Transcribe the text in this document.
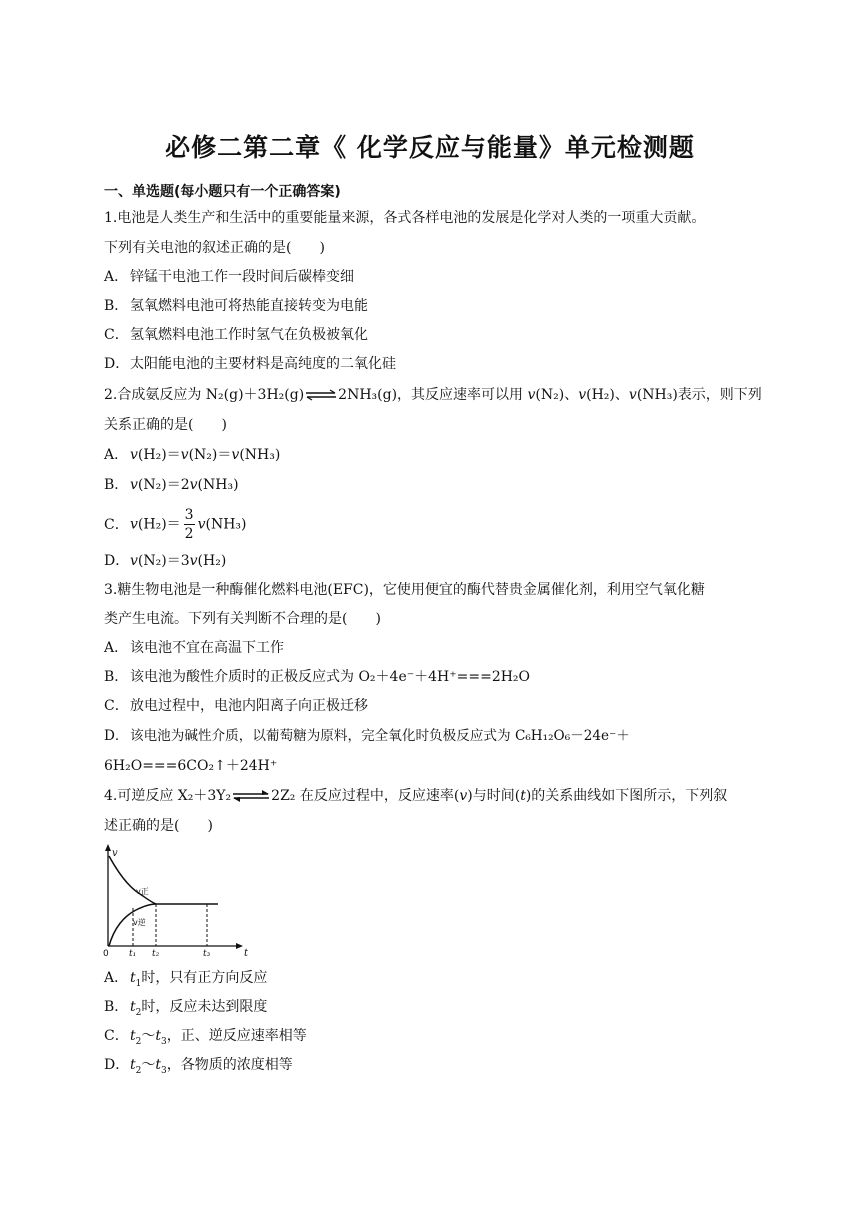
必修二第二章《 化学反应与能量》单元检测题
一、单选题(每小题只有一个正确答案)
1.电池是人类生产和生活中的重要能量来源，各式各样电池的发展是化学对人类的一项重大贡献。
下列有关电池的叙述正确的是(　　)
A． 锌锰干电池工作一段时间后碳棒变细
B． 氢氧燃料电池可将热能直接转变为电能
C．氢氧燃料电池工作时氢气在负极被氧化
D．太阳能电池的主要材料是高纯度的二氧化硅
2.合成氨反应为 N₂(g)＋3H₂(g)⇌2NH₃(g)，其反应速率可以用 v(N₂)、v(H₂)、v(NH₃)表示，则下列
关系正确的是(　　)
A． v(H₂)＝v(N₂)＝v(NH₃)
B． v(N₂)＝2v(NH₃)
C．$v(H_2)= \frac{3}{2} v(NH_3)$
D．v(N₂)＝3v(H₂)
3.糖生物电池是一种酶催化燃料电池(EFC)，它使用便宜的酶代替贵金属催化剂，利用空气氧化糖
类产生电流。下列有关判断不合理的是(　　)
A． 该电池不宜在高温下工作
B． 该电池为酸性介质时的正极反应式为 O₂＋4e⁻＋4H⁺===2H₂O
C．放电过程中，电池内阳离子向正极迁移
D． 该电池为碱性介质，以葡萄糖为原料，完全氧化时负极反应式为 C₆H₁₂O₆－24e⁻＋
6H₂O===6CO₂↑＋24H⁺
4.可逆反应 X₂＋3Y₂⇌2Z₂ 在反应过程中，反应速率(v)与时间(t)的关系曲线如下图所示，下列叙
述正确的是(　　)
v
v正
v逆
0 t₁ t₂	t₃	t
A． $t_1$时，只有正方向反应
B． $t_2$时，反应未达到限度
C．$t_2\sim t_3$，正、逆反应速率相等
D．$t_2\sim t_3$，各物质的浓度相等
